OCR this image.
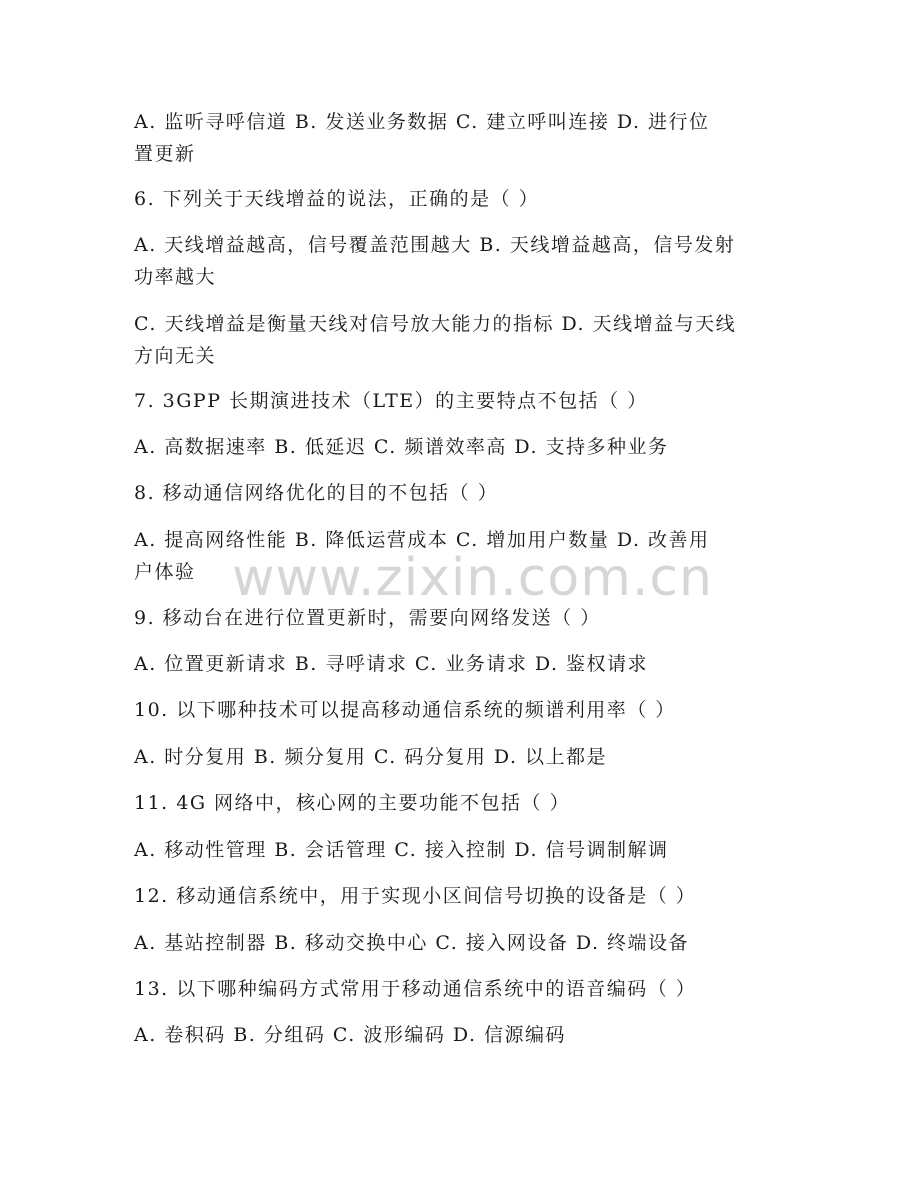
A. 监听寻呼信道 B. 发送业务数据 C. 建立呼叫连接 D. 进行位
置更新
6. 下列关于天线增益的说法，正确的是（ ）
A. 天线增益越高，信号覆盖范围越大 B. 天线增益越高，信号发射
功率越大
C. 天线增益是衡量天线对信号放大能力的指标 D. 天线增益与天线
方向无关
7. 3GPP 长期演进技术（LTE）的主要特点不包括（ ）
A. 高数据速率 B. 低延迟 C. 频谱效率高 D. 支持多种业务
8. 移动通信网络优化的目的不包括（ ）
A. 提高网络性能 B. 降低运营成本 C. 增加用户数量 D. 改善用
户体验
9. 移动台在进行位置更新时，需要向网络发送（ ）
A. 位置更新请求 B. 寻呼请求 C. 业务请求 D. 鉴权请求
10. 以下哪种技术可以提高移动通信系统的频谱利用率（ ）
A. 时分复用 B. 频分复用 C. 码分复用 D. 以上都是
11. 4G 网络中，核心网的主要功能不包括（ ）
A. 移动性管理 B. 会话管理 C. 接入控制 D. 信号调制解调
12. 移动通信系统中，用于实现小区间信号切换的设备是（ ）
A. 基站控制器 B. 移动交换中心 C. 接入网设备 D. 终端设备
13. 以下哪种编码方式常用于移动通信系统中的语音编码（ ）
A. 卷积码 B. 分组码 C. 波形编码 D. 信源编码
www.zixin.com.cn
